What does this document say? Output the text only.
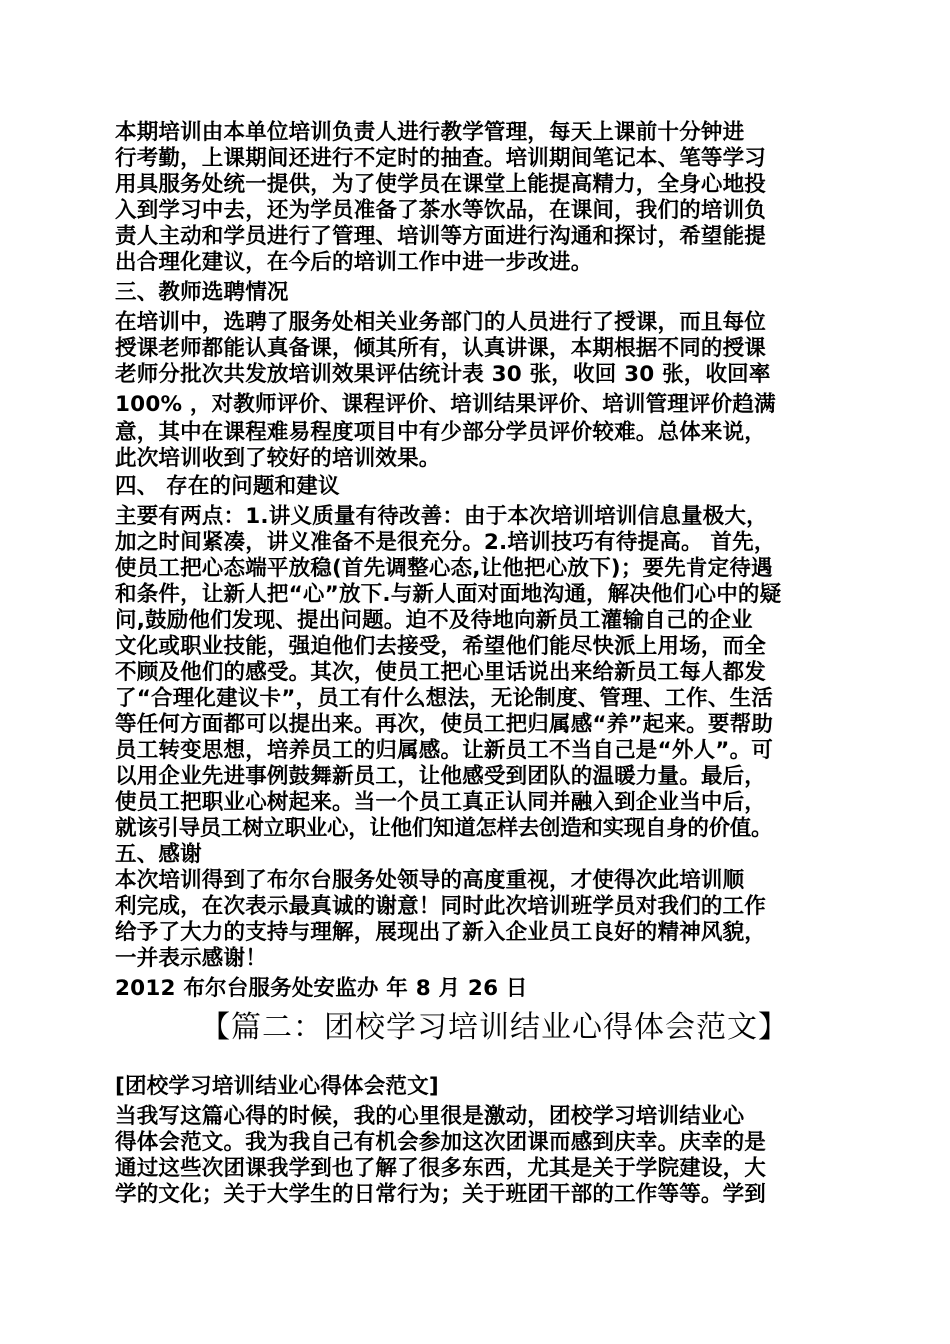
本期培训由本单位培训负责人进行教学管理，每天上课前十分钟进
行考勤，上课期间还进行不定时的抽查。培训期间笔记本、笔等学习
用具服务处统一提供，为了使学员在课堂上能提高精力，全身心地投
入到学习中去，还为学员准备了茶水等饮品，在课间，我们的培训负
责人主动和学员进行了管理、培训等方面进行沟通和探讨，希望能提
出合理化建议，在今后的培训工作中进一步改进。
三、教师选聘情况
在培训中，选聘了服务处相关业务部门的人员进行了授课，而且每位
授课老师都能认真备课，倾其所有，认真讲课，本期根据不同的授课
老师分批次共发放培训效果评估统计表 30 张，收回 30 张，收回率
100% ，对教师评价、课程评价、培训结果评价、培训管理评价趋满
意，其中在课程难易程度项目中有少部分学员评价较难。总体来说，
此次培训收到了较好的培训效果。
四、 存在的问题和建议
主要有两点：1.讲义质量有待改善：由于本次培训培训信息量极大，
加之时间紧凑，讲义准备不是很充分。2.培训技巧有待提高。 首先，
使员工把心态端平放稳(首先调整心态,让他把心放下)；要先肯定待遇
和条件，让新人把“心”放下.与新人面对面地沟通，解决他们心中的疑
问,鼓励他们发现、提出问题。迫不及待地向新员工灌输自己的企业
文化或职业技能，强迫他们去接受，希望他们能尽快派上用场，而全
不顾及他们的感受。其次，使员工把心里话说出来给新员工每人都发
了“合理化建议卡”，员工有什么想法，无论制度、管理、工作、生活
等任何方面都可以提出来。再次，使员工把归属感“养”起来。要帮助
员工转变思想，培养员工的归属感。让新员工不当自己是“外人”。可
以用企业先进事例鼓舞新员工，让他感受到团队的温暖力量。最后，
使员工把职业心树起来。当一个员工真正认同并融入到企业当中后，
就该引导员工树立职业心，让他们知道怎样去创造和实现自身的价值。
五、感谢
本次培训得到了布尔台服务处领导的高度重视，才使得次此培训顺
利完成，在次表示最真诚的谢意！同时此次培训班学员对我们的工作
给予了大力的支持与理解，展现出了新入企业员工良好的精神风貌，
一并表示感谢！
2012 布尔台服务处安监办 年 8 月 26 日
【篇二：团校学习培训结业心得体会范文】
[团校学习培训结业心得体会范文]
当我写这篇心得的时候，我的心里很是激动，团校学习培训结业心
得体会范文。我为我自己有机会参加这次团课而感到庆幸。庆幸的是
通过这些次团课我学到也了解了很多东西，尤其是关于学院建设，大
学的文化；关于大学生的日常行为；关于班团干部的工作等等。学到
